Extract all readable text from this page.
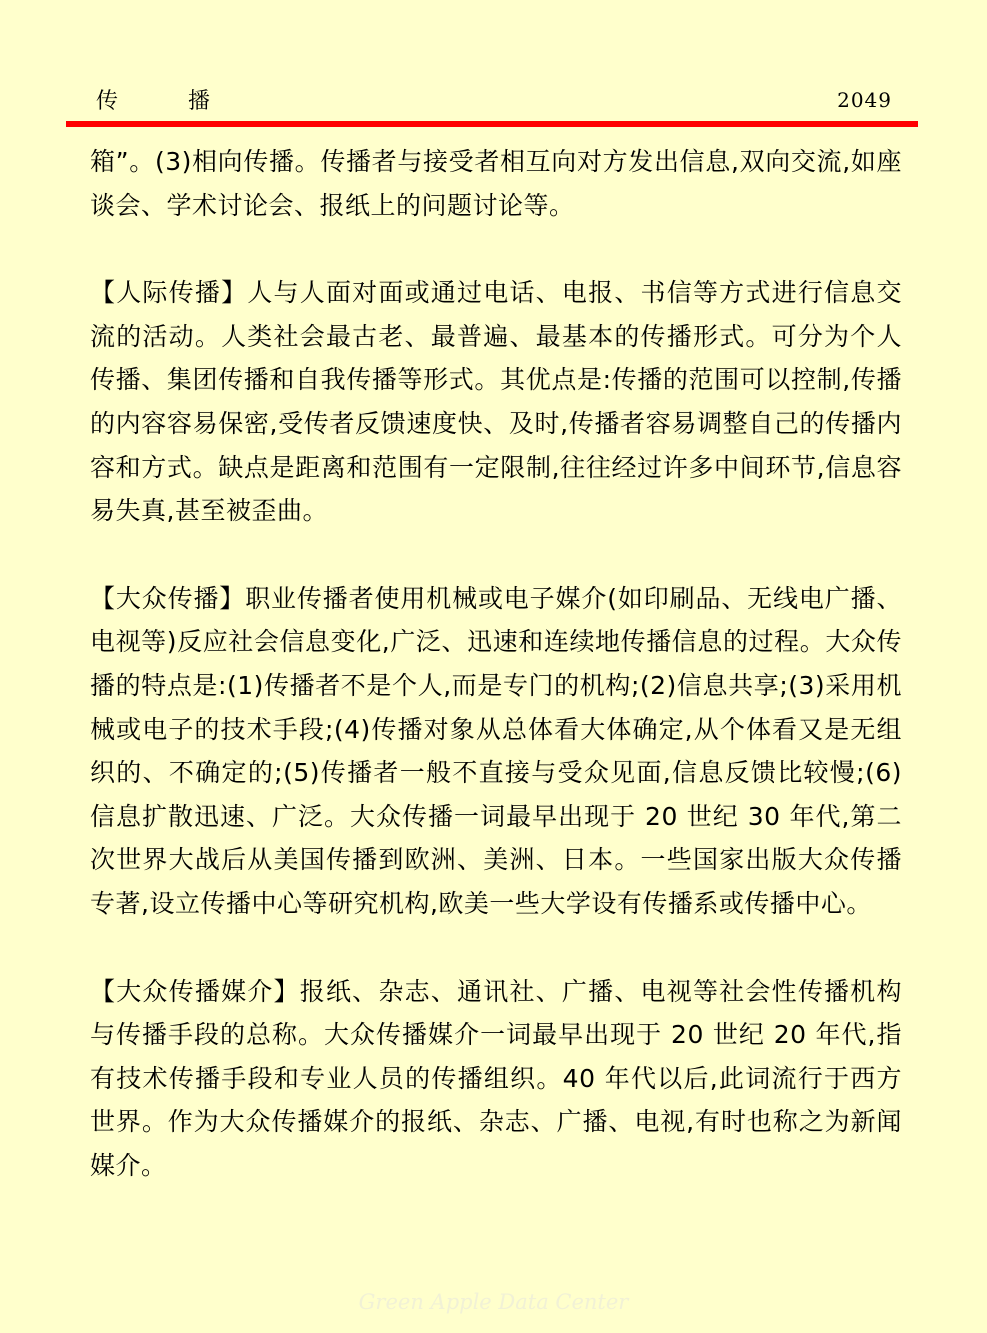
传播	2049

箱”。(3)相向传播。传播者与接受者相互向对方发出信息,双向交流,如座谈会、学术讨论会、报纸上的问题讨论等。

【人际传播】人与人面对面或通过电话、电报、书信等方式进行信息交流的活动。人类社会最古老、最普遍、最基本的传播形式。可分为个人传播、集团传播和自我传播等形式。其优点是:传播的范围可以控制,传播的内容容易保密,受传者反馈速度快、及时,传播者容易调整自己的传播内容和方式。缺点是距离和范围有一定限制,往往经过许多中间环节,信息容易失真,甚至被歪曲。

【大众传播】职业传播者使用机械或电子媒介(如印刷品、无线电广播、电视等)反应社会信息变化,广泛、迅速和连续地传播信息的过程。大众传播的特点是:(1)传播者不是个人,而是专门的机构;(2)信息共享;(3)采用机械或电子的技术手段;(4)传播对象从总体看大体确定,从个体看又是无组织的、不确定的;(5)传播者一般不直接与受众见面,信息反馈比较慢;(6)信息扩散迅速、广泛。大众传播一词最早出现于 20 世纪 30 年代,第二次世界大战后从美国传播到欧洲、美洲、日本。一些国家出版大众传播专著,设立传播中心等研究机构,欧美一些大学设有传播系或传播中心。

【大众传播媒介】报纸、杂志、通讯社、广播、电视等社会性传播机构与传播手段的总称。大众传播媒介一词最早出现于 20 世纪 20 年代,指有技术传播手段和专业人员的传播组织。40 年代以后,此词流行于西方世界。作为大众传播媒介的报纸、杂志、广播、电视,有时也称之为新闻媒介。

Green Apple Data Center
